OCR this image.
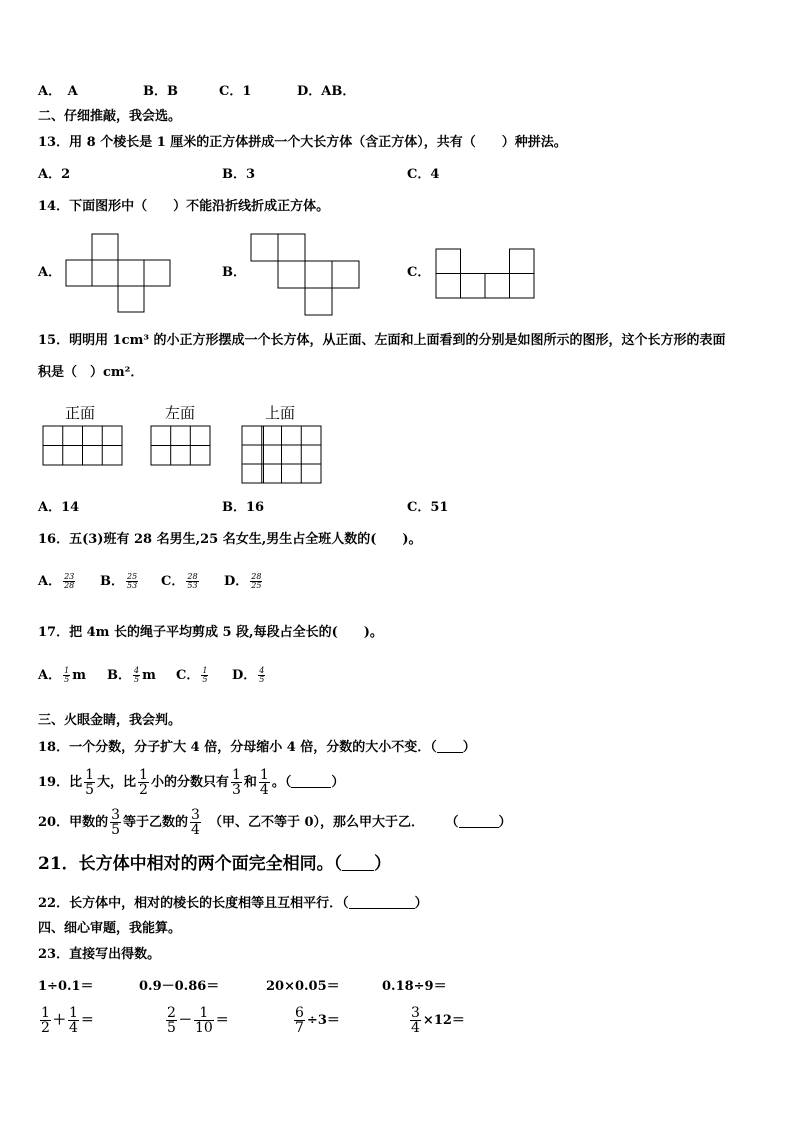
A．　A	B．B	C．1	D．AB．
二、仔细推敲，我会选。
13．用 8 个棱长是 1 厘米的正方体拼成一个大长方体（含正方体），共有（　　）种拼法。
A．2	B．3	C．4
14．下面图形中（　　）不能沿折线折成正方体。
A．	B．	C．
15．明明用 1cm³ 的小正方形摆成一个长方体，从正面、左面和上面看到的分别是如图所示的图形，这个长方形的表面
积是（　）cm²．
正面	左面	上面
A．14	B．16	C．51
16．五(3)班有 28 名男生,25 名女生,男生占全班人数的(　　)。
A． $\frac{23}{28}$ B． $\frac{25}{53}$ C． $\frac{28}{53}$ D． $\frac{28}{25}$
17．把 4m 长的绳子平均剪成 5 段,每段占全长的(　　)。
A． $\frac{1}{5}$ m B． $\frac{4}{5}$ m C． $\frac{1}{5}$ D． $\frac{4}{5}$
三、火眼金睛，我会判。
18．一个分数，分子扩大 4 倍，分母缩小 4 倍，分数的大小不变．（ ）
19．比 $\frac{1}{5}$ 大，比 $\frac{1}{2}$ 小的分数只有 $\frac{1}{3}$ 和 $\frac{1}{4}$ 。（	）
20．甲数的 $\frac{3}{5}$ 等于乙数的 $\frac{3}{4}$ （甲、乙不等于 0），那么甲大于乙． （	）
21．长方体中相对的两个面完全相同。（ ）
22．长方体中，相对的棱长的长度相等且互相平行．（	）
四、细心审题，我能算。
23．直接写出得数。
1÷0.1＝	0.9－0.86＝	20×0.05＝	0.18÷9＝
$\frac{1}{2} + \frac{1}{4}$ ＝	$\frac{2}{5} - \frac{1}{10}$ ＝	$\frac{6}{7} \div 3=$	$\frac{3}{4} \times 12=$
